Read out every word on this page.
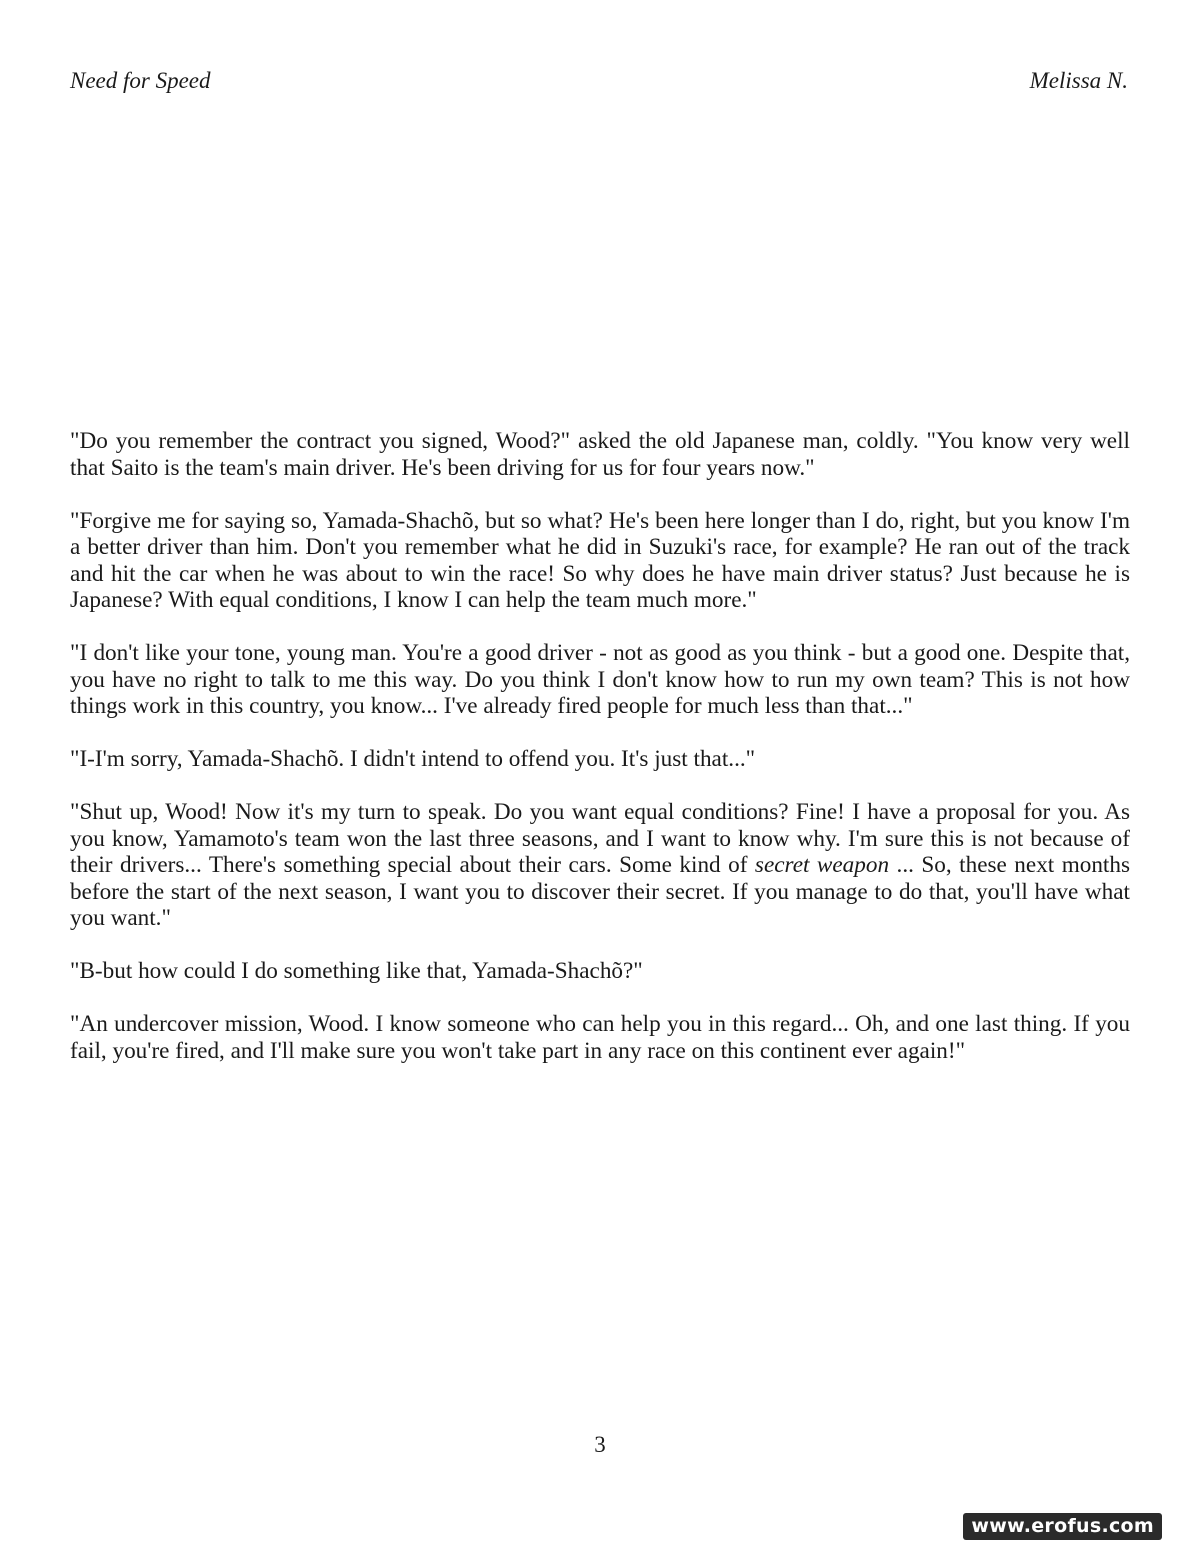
Need for Speed	Melissa N.

"Do you remember the contract you signed, Wood?" asked the old Japanese man, coldly. "You know very well that Saito is the team's main driver. He's been driving for us for four years now."

"Forgive me for saying so, Yamada-Shachõ, but so what? He's been here longer than I do, right, but you know I'm a better driver than him. Don't you remember what he did in Suzuki's race, for example? He ran out of the track and hit the car when he was about to win the race! So why does he have main driver status? Just because he is Japanese? With equal conditions, I know I can help the team much more."

"I don't like your tone, young man. You're a good driver - not as good as you think - but a good one. Despite that, you have no right to talk to me this way. Do you think I don't know how to run my own team? This is not how things work in this country, you know... I've already fired people for much less than that..."

"I-I'm sorry, Yamada-Shachõ. I didn't intend to offend you. It's just that..."

"Shut up, Wood! Now it's my turn to speak. Do you want equal conditions? Fine! I have a proposal for you. As you know, Yamamoto's team won the last three seasons, and I want to know why. I'm sure this is not because of their drivers... There's something special about their cars. Some kind of secret weapon ... So, these next months before the start of the next season, I want you to discover their secret. If you manage to do that, you'll have what you want."

"B-but how could I do something like that, Yamada-Shachõ?"

"An undercover mission, Wood. I know someone who can help you in this regard... Oh, and one last thing. If you fail, you're fired, and I'll make sure you won't take part in any race on this continent ever again!"

3
www.erofus.com
